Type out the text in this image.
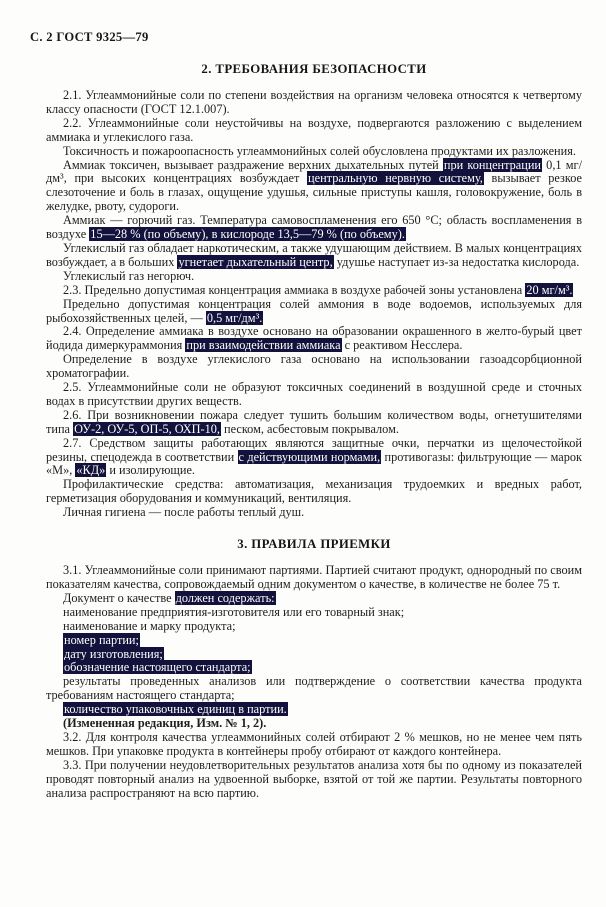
С. 2 ГОСТ 9325—79
2. ТРЕБОВАНИЯ БЕЗОПАСНОСТИ

2.1. Углеаммонийные соли по степени воздействия на организм человека относятся к четвертому классу опасности (ГОСТ 12.1.007).

2.2. Углеаммонийные соли неустойчивы на воздухе, подвергаются разложению с выделением аммиака и углекислого газа.

Токсичность и пожароопасность углеаммонийных солей обусловлена продуктами их разложения.

Аммиак токсичен, вызывает раздражение верхних дыхательных путей при концентрации 0,1 мг/дм³, при высоких концентрациях возбуждает центральную нервную систему, вызывает резкое слезоточение и боль в глазах, ощущение удушья, сильные приступы кашля, головокружение, боль в желудке, рвоту, судороги.

Аммиак — горючий газ. Температура самовоспламенения его 650 °С; область воспламенения в воздухе 15—28 % (по объему), в кислороде 13,5—79 % (по объему).

Углекислый газ обладает наркотическим, а также удушающим действием. В малых концентрациях возбуждает, а в больших угнетает дыхательный центр, удушье наступает из-за недостатка кислорода.

Углекислый газ негорюч.

2.3. Предельно допустимая концентрация аммиака в воздухе рабочей зоны установлена 20 мг/м³.

Предельно допустимая концентрация солей аммония в воде водоемов, используемых для рыбохозяйственных целей, — 0,5 мг/дм³.

2.4. Определение аммиака в воздухе основано на образовании окрашенного в желто-бурый цвет йодида димеркураммония при взаимодействии аммиака с реактивом Несслера.

Определение в воздухе углекислого газа основано на использовании газоадсорбционной хроматографии.

2.5. Углеаммонийные соли не образуют токсичных соединений в воздушной среде и сточных водах в присутствии других веществ.

2.6. При возникновении пожара следует тушить большим количеством воды, огнетушителями типа ОУ-2, ОУ-5, ОП-5, ОХП-10, песком, асбестовым покрывалом.

2.7. Средством защиты работающих являются защитные очки, перчатки из щелочестойкой резины, спецодежда в соответствии с действующими нормами, противогазы: фильтрующие — марок «М», «КД» и изолирующие.

Профилактические средства: автоматизация, механизация трудоемких и вредных работ, герметизация оборудования и коммуникаций, вентиляция.

Личная гигиена — после работы теплый душ.

3. ПРАВИЛА ПРИЕМКИ

3.1. Углеаммонийные соли принимают партиями. Партией считают продукт, однородный по своим показателям качества, сопровождаемый одним документом о качестве, в количестве не более 75 т.

Документ о качестве должен содержать:

наименование предприятия-изготовителя или его товарный знак;

наименование и марку продукта;

номер партии;

дату изготовления;

обозначение настоящего стандарта;

результаты проведенных анализов или подтверждение о соответствии качества продукта требованиям настоящего стандарта;

количество упаковочных единиц в партии.

(Измененная редакция, Изм. № 1, 2).

3.2. Для контроля качества углеаммонийных солей отбирают 2 % мешков, но не менее чем пять мешков. При упаковке продукта в контейнеры пробу отбирают от каждого контейнера.

3.3. При получении неудовлетворительных результатов анализа хотя бы по одному из показателей проводят повторный анализ на удвоенной выборке, взятой от той же партии. Результаты повторного анализа распространяют на всю партию.
